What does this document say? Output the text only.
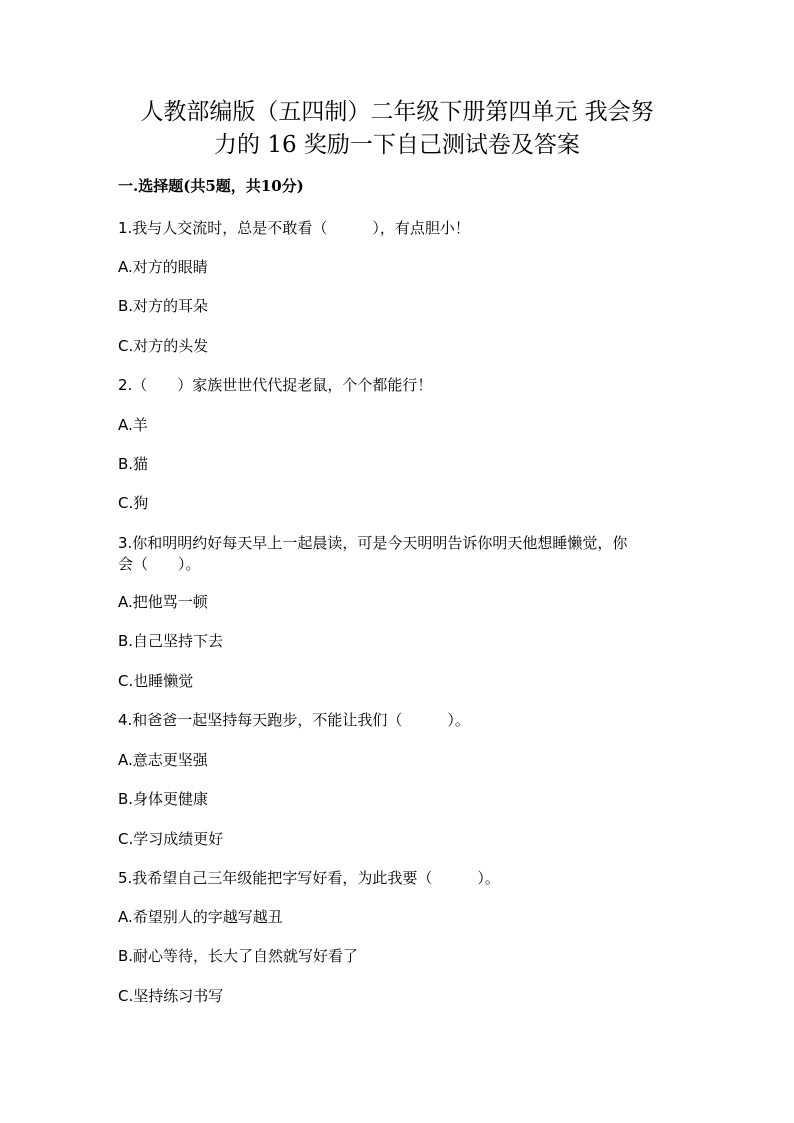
人教部编版（五四制）二年级下册第四单元 我会努
力的 16 奖励一下自己测试卷及答案
一.选择题(共5题，共10分)
1.我与人交流时，总是不敢看（　　　），有点胆小！
A.对方的眼睛
B.对方的耳朵
C.对方的头发
2.（　　）家族世世代代捉老鼠，个个都能行！
A.羊
B.猫
C.狗
3.你和明明约好每天早上一起晨读，可是今天明明告诉你明天他想睡懒觉，你
会（　　）。
A.把他骂一顿
B.自己坚持下去
C.也睡懒觉
4.和爸爸一起坚持每天跑步，不能让我们（　　　）。
A.意志更坚强
B.身体更健康
C.学习成绩更好
5.我希望自己三年级能把字写好看，为此我要（　　　）。
A.希望别人的字越写越丑
B.耐心等待，长大了自然就写好看了
C.坚持练习书写
